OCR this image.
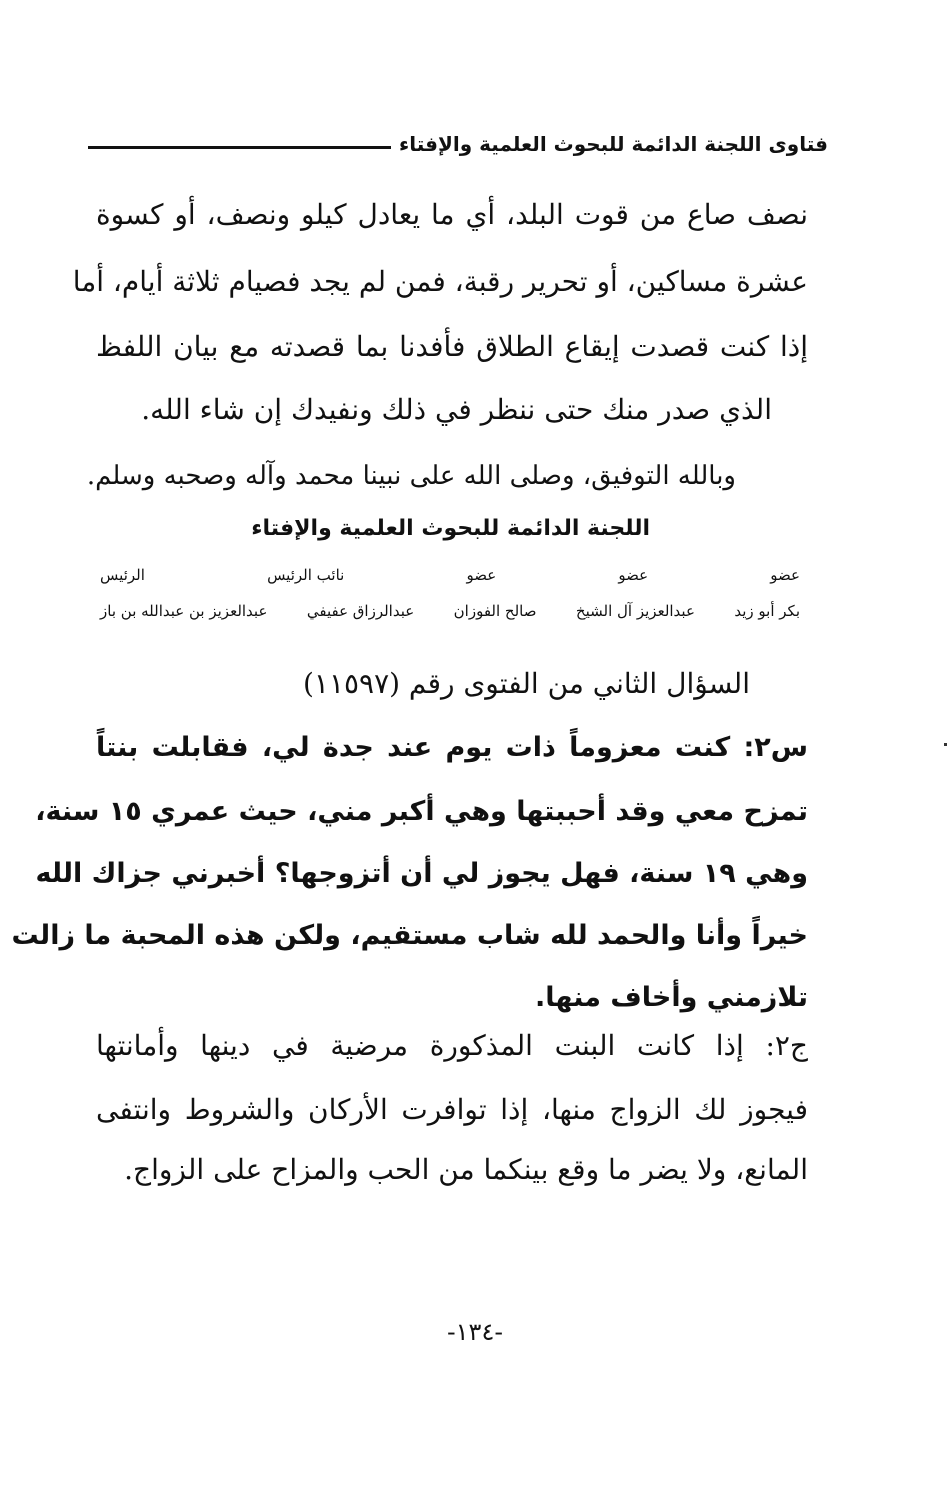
فتاوى اللجنة الدائمة للبحوث العلمية والإفتاء
نصف صاع من قوت البلد، أي ما يعادل كيلو ونصف، أو كسوة
عشرة مساكين، أو تحرير رقبة، فمن لم يجد فصيام ثلاثة أيام، أما
إذا كنت قصدت إيقاع الطلاق فأفدنا بما قصدته مع بيان اللفظ
الذي صدر منك حتى ننظر في ذلك ونفيدك إن شاء الله.
وبالله التوفيق، وصلى الله على نبينا محمد وآله وصحبه وسلم.
اللجنة الدائمة للبحوث العلمية والإفتاء
عضو
عضو
عضو
نائب الرئيس
الرئيس
بكر أبو زيد
عبدالعزيز آل الشيخ
صالح الفوزان
عبدالرزاق عفيفي
عبدالعزيز بن عبدالله بن باز
السؤال الثاني من الفتوى رقم (١١٥٩٧)
س٢: كنت معزوماً ذات يوم عند جدة لي، فقابلت بنتاً
تمزح معي وقد أحببتها وهي أكبر مني، حيث عمري ١٥ سنة،
وهي ١٩ سنة، فهل يجوز لي أن أتزوجها؟ أخبرني جزاك الله
خيراً وأنا والحمد لله شاب مستقيم، ولكن هذه المحبة ما زالت
تلازمني وأخاف منها.
ج٢: إذا كانت البنت المذكورة مرضية في دينها وأمانتها
فيجوز لك الزواج منها، إذا توافرت الأركان والشروط وانتفى
المانع، ولا يضر ما وقع بينكما من الحب والمزاح على الزواج.
-١٣٤-
